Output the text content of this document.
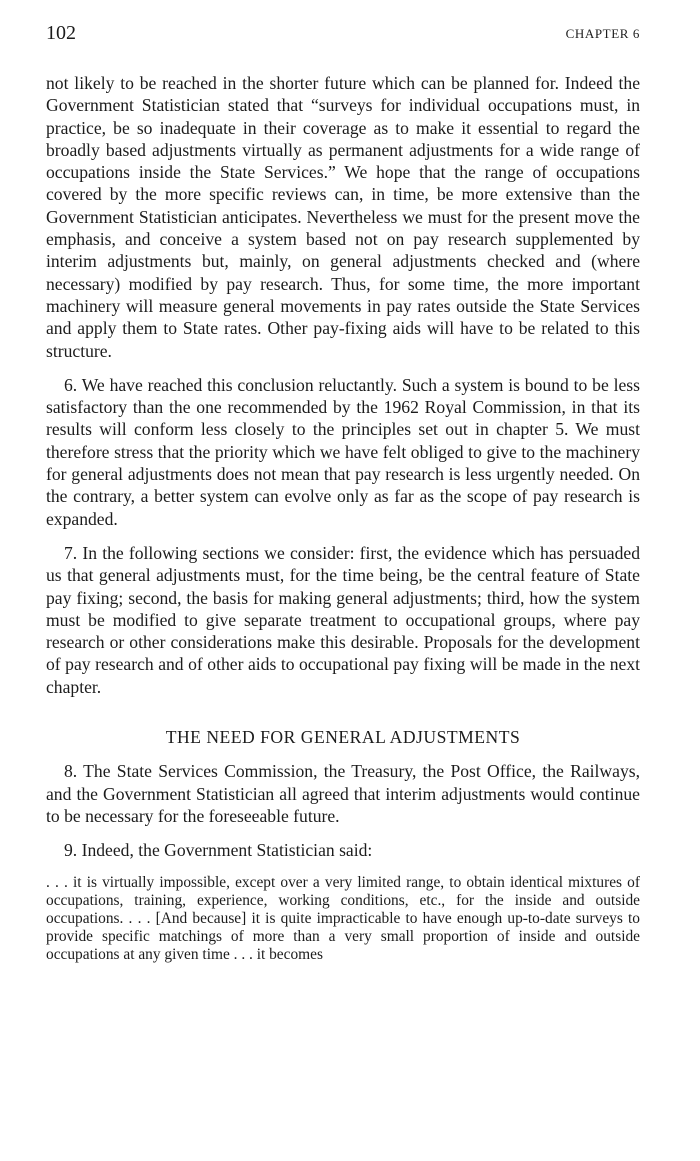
102	CHAPTER 6

not likely to be reached in the shorter future which can be planned for. Indeed the Government Statistician stated that “surveys for individual occupations must, in practice, be so inadequate in their coverage as to make it essential to regard the broadly based adjustments virtually as permanent adjustments for a wide range of occupations inside the State Services.” We hope that the range of occupations covered by the more specific reviews can, in time, be more extensive than the Government Statistician anticipates. Nevertheless we must for the present move the emphasis, and conceive a system based not on pay research supplemented by interim adjustments but, mainly, on general adjustments checked and (where necessary) modified by pay research. Thus, for some time, the more important machinery will measure general movements in pay rates outside the State Services and apply them to State rates. Other pay-fixing aids will have to be related to this structure.

6. We have reached this conclusion reluctantly. Such a system is bound to be less satisfactory than the one recommended by the 1962 Royal Commission, in that its results will conform less closely to the principles set out in chapter 5. We must therefore stress that the priority which we have felt obliged to give to the machinery for general adjustments does not mean that pay research is less urgently needed. On the contrary, a better system can evolve only as far as the scope of pay research is expanded.

7. In the following sections we consider: first, the evidence which has persuaded us that general adjustments must, for the time being, be the central feature of State pay fixing; second, the basis for making general adjustments; third, how the system must be modified to give separate treatment to occupational groups, where pay research or other considerations make this desirable. Proposals for the development of pay research and of other aids to occupational pay fixing will be made in the next chapter.

THE NEED FOR GENERAL ADJUSTMENTS

8. The State Services Commission, the Treasury, the Post Office, the Railways, and the Government Statistician all agreed that interim adjustments would continue to be necessary for the foreseeable future.

9. Indeed, the Government Statistician said:

. . . it is virtually impossible, except over a very limited range, to obtain identical mixtures of occupations, training, experience, working conditions, etc., for the inside and outside occupations. . . . [And because] it is quite impracticable to have enough up-to-date surveys to provide specific matchings of more than a very small proportion of inside and outside occupations at any given time . . . it becomes
